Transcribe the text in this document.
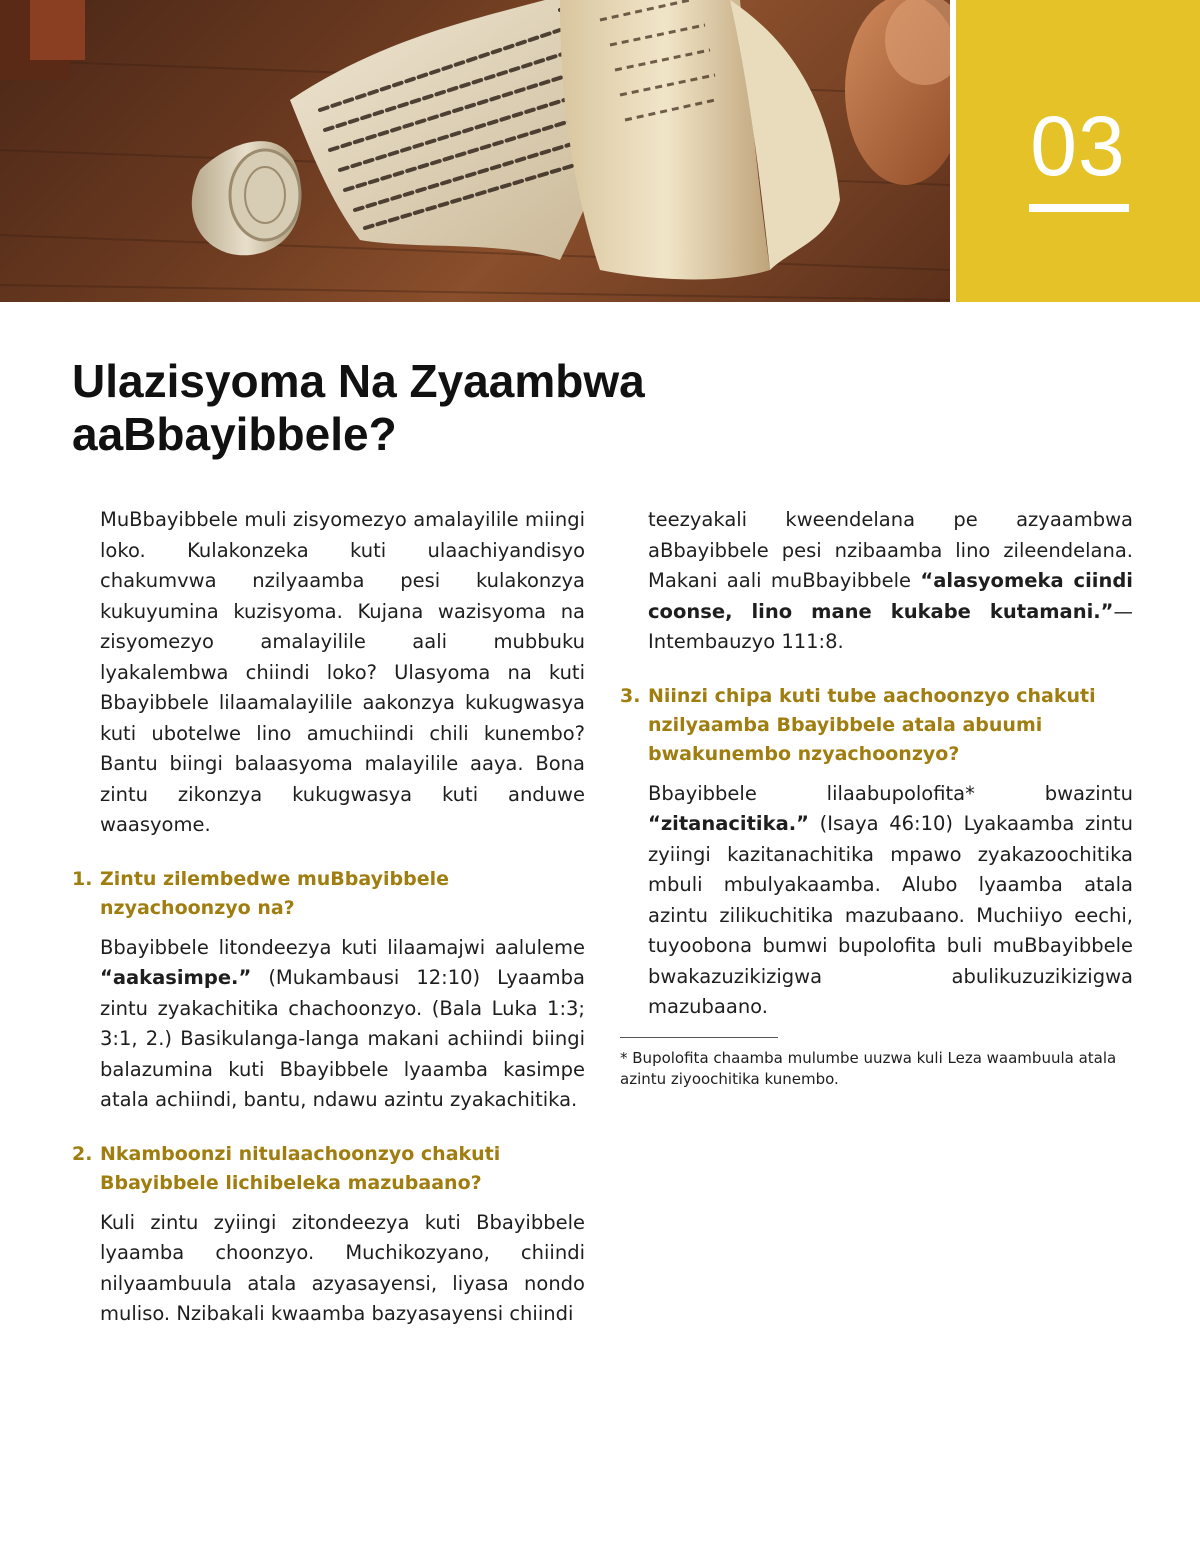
03
Ulazisyoma Na Zyaambwa aaBbayibbele?

MuBbayibbele muli zisyomezyo amalayilile miingi loko. Kulakonzeka kuti ulaachiyandisyo chakumvwa nzilyaamba pesi kulakonzya kukuyumina kuzisyoma. Kujana wazisyoma na zisyomezyo amalayilile aali mubbuku lyakalembwa chiindi loko? Ulasyoma na kuti Bbayibbele lilaamalayilile aakonzya kukugwasya kuti ubotelwe lino amuchiindi chili kunembo? Bantu biingi balaasyoma malayilile aaya. Bona zintu zikonzya kukugwasya kuti anduwe waasyome.

1. Zintu zilembedwe muBbayibbele nzyachoonzyo na?

Bbayibbele litondeezya kuti lilaamajwi aaluleme “aakasimpe.” (Mukambausi 12:10) Lyaamba zintu zyakachitika chachoonzyo. (Bala Luka 1:3; 3:1, 2.) Basikulanga-langa makani achiindi biingi balazumina kuti Bbayibbele lyaamba kasimpe atala achiindi, bantu, ndawu azintu zyakachitika.

2. Nkamboonzi nitulaachoonzyo chakuti Bbayibbele lichibeleka mazubaano?

Kuli zintu zyiingi zitondeezya kuti Bbayibbele lyaamba choonzyo. Muchikozyano, chiindi nilyaambuula atala azyasayensi, liyasa nondo muliso. Nzibakali kwaamba bazyasayensi chiindi

teezyakali kweendelana pe azyaambwa aBbayibbele pesi nzibaamba lino zileendelana. Makani aali muBbayibbele “alasyomeka ciindi coonse, lino mane kukabe kutamani.”—Intembauzyo 111:8.

3. Niinzi chipa kuti tube aachoonzyo chakuti nzilyaamba Bbayibbele atala abuumi bwakunembo nzyachoonzyo?

Bbayibbele lilaabupolofita* bwazintu “zitanacitika.” (Isaya 46:10) Lyakaamba zintu zyiingi kazitanachitika mpawo zyakazoochitika mbuli mbulyakaamba. Alubo lyaamba atala azintu zilikuchitika mazubaano. Muchiiyo eechi, tuyoobona bumwi bupolofita buli muBbayibbele bwakazuzikizigwa abulikuzuzikizigwa mazubaano.

* Bupolofita chaamba mulumbe uuzwa kuli Leza waambuula atala azintu ziyoochitika kunembo.
